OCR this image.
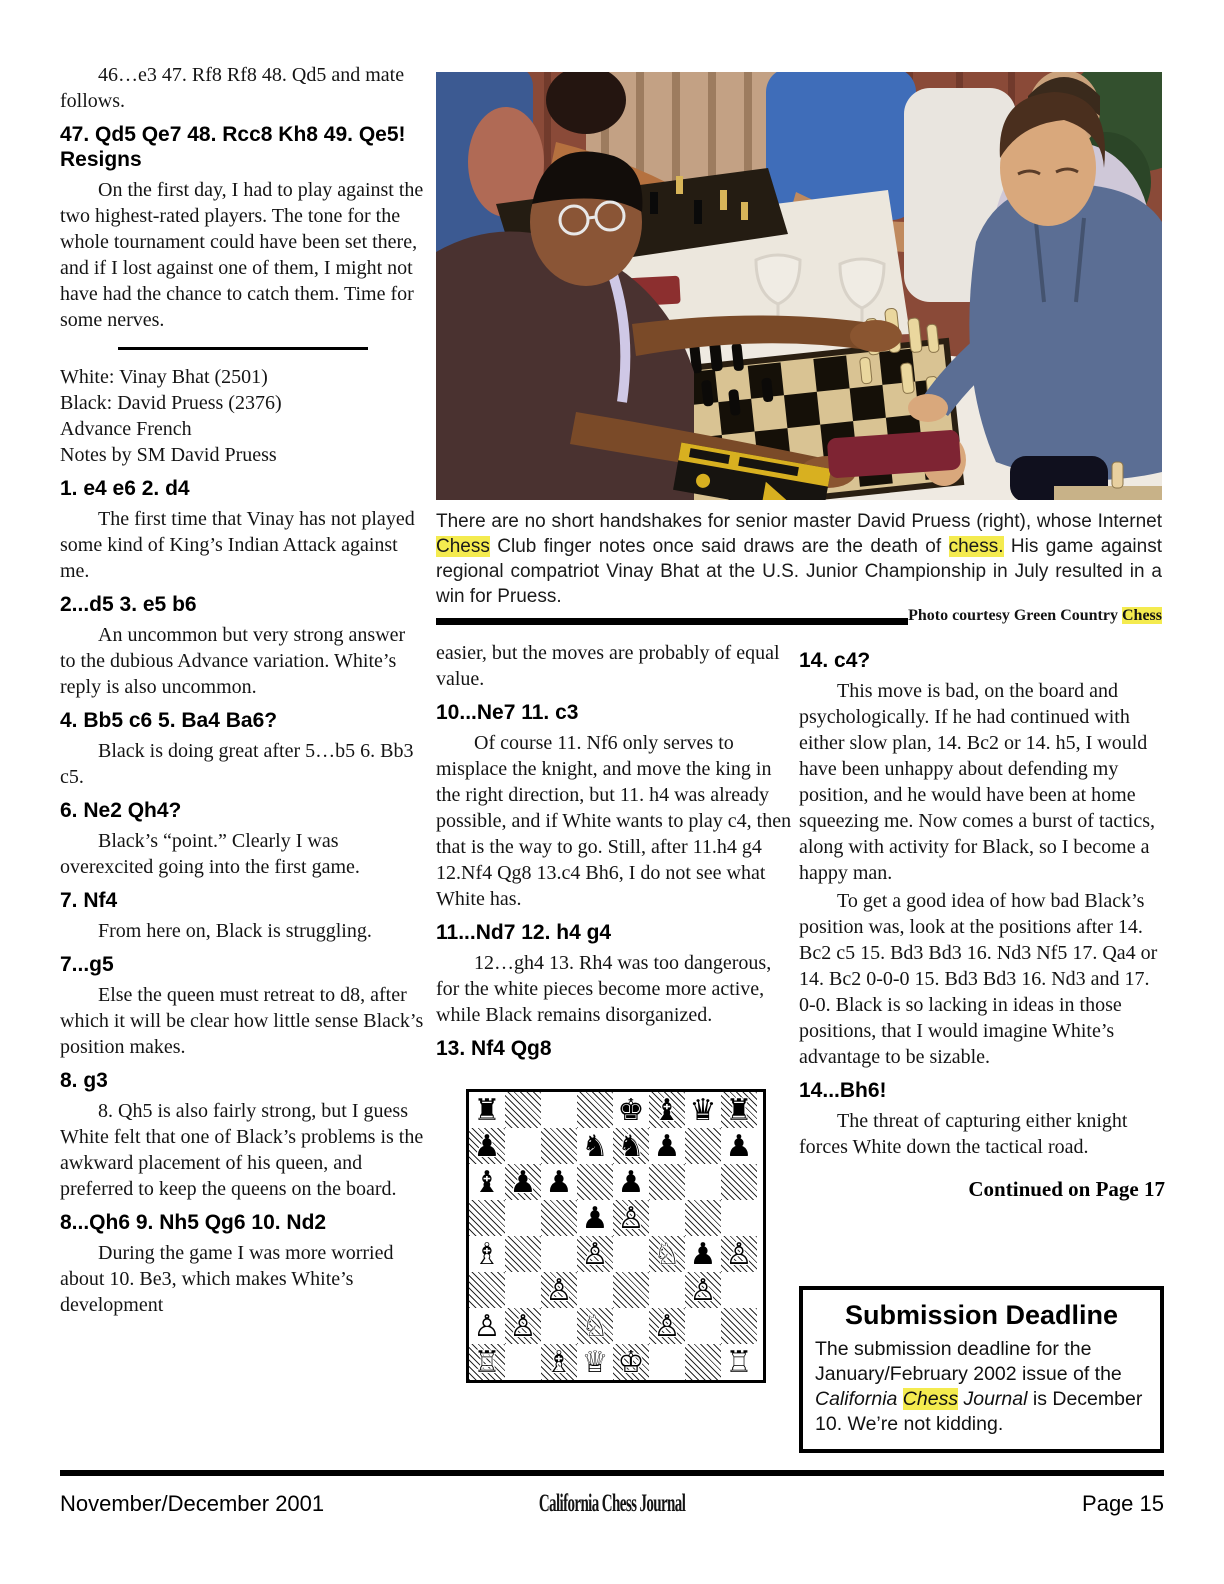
46…e3 47. Rf8 Rf8 48. Qd5 and mate follows.
47. Qd5 Qe7 48. Rcc8 Kh8 49. Qe5! Resigns
On the first day, I had to play against the two highest-rated players. The tone for the whole tournament could have been set there, and if I lost against one of them, I might not have had the chance to catch them. Time for some nerves.
White: Vinay Bhat (2501)
Black: David Pruess (2376)
Advance French
Notes by SM David Pruess
1. e4 e6 2. d4
The first time that Vinay has not played some kind of King’s Indian Attack against me.
2...d5 3. e5 b6
An uncommon but very strong answer to the dubious Advance variation. White’s reply is also uncommon.
4. Bb5 c6 5. Ba4 Ba6?
Black is doing great after 5…b5 6. Bb3 c5.
6. Ne2 Qh4?
Black’s “point.” Clearly I was overexcited going into the first game.
7. Nf4
From here on, Black is struggling.
7...g5
Else the queen must retreat to d8, after which it will be clear how little sense Black’s position makes.
8. g3
8. Qh5 is also fairly strong, but I guess White felt that one of Black’s problems is the awkward placement of his queen, and preferred to keep the queens on the board.
8...Qh6 9. Nh5 Qg6 10. Nd2
During the game I was more worried about 10. Be3, which makes White’s development
There are no short handshakes for senior master David Pruess (right), whose Internet Chess Club finger notes once said draws are the death of chess. His game against regional compatriot Vinay Bhat at the U.S. Junior Championship in July resulted in a win for Pruess.
Photo courtesy Green Country Chess
easier, but the moves are probably of equal value.
10...Ne7 11. c3
Of course 11. Nf6 only serves to misplace the knight, and move the king in the right direction, but 11. h4 was already possible, and if White wants to play c4, then that is the way to go. Still, after 11.h4 g4 12.Nf4 Qg8 13.c4 Bh6, I do not see what White has.
11...Nd7 12. h4 g4
12…gh4 13. Rh4 was too dangerous, for the white pieces become more active, while Black remains disorganized.
13. Nf4 Qg8
♜	♚ ♝ ♛ ♜
♟	♞ ♞ ♟ ♟
♝ ♟ ♟ ♟
♟ ♙
♗	♙ ♘ ♟ ♙
♙	♙
♙ ♙ ♘ ♙
♖ ♗ ♕ ♔	♖
14. c4?
This move is bad, on the board and psychologically. If he had continued with either slow plan, 14. Bc2 or 14. h5, I would have been unhappy about defending my position, and he would have been at home squeezing me. Now comes a burst of tactics, along with activity for Black, so I become a happy man.
To get a good idea of how bad Black’s position was, look at the positions after 14. Bc2 c5 15. Bd3 Bd3 16. Nd3 Nf5 17. Qa4 or 14. Bc2 0-0-0 15. Bd3 Bd3 16. Nd3 and 17. 0-0. Black is so lacking in ideas in those positions, that I would imagine White’s advantage to be sizable.
14...Bh6!
The threat of capturing either knight forces White down the tactical road.
Continued on Page 17
Submission Deadline
The submission deadline for the January/February 2002 issue of the California Chess Journal is December 10. We’re not kidding.
November/December 2001	California Chess Journal	Page 15
